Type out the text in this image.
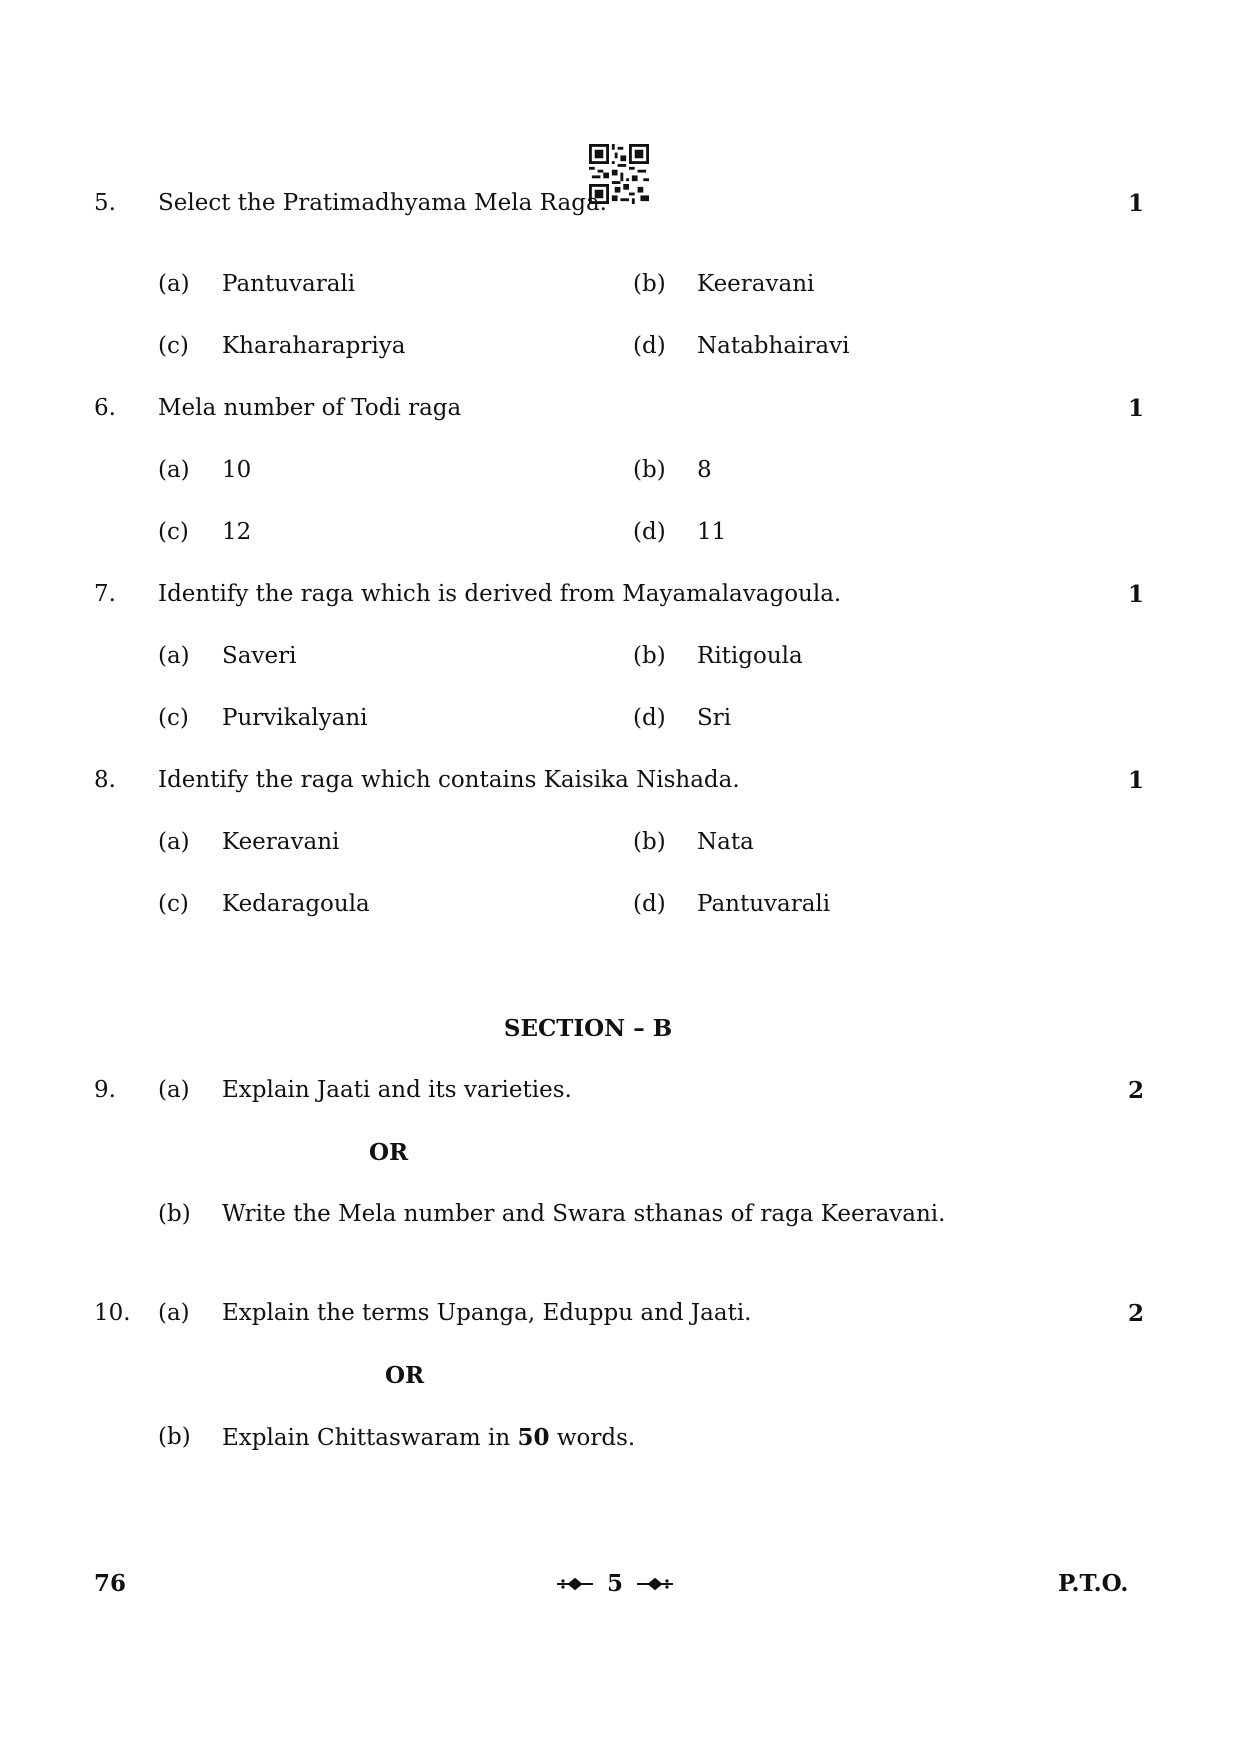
5. Select the Pratimadhyama Mela Raga.	1
(a) Pantuvarali	(b) Keeravani
(c) Kharaharapriya	(d) Natabhairavi
6. Mela number of Todi raga	1
(a) 10	(b) 8
(c) 12	(d) 11
7. Identify the raga which is derived from Mayamalavagoula.	1
(a) Saveri	(b) Ritigoula
(c) Purvikalyani	(d) Sri
8. Identify the raga which contains Kaisika Nishada.	1
(a) Keeravani	(b) Nata
(c) Kedaragoula	(d) Pantuvarali
SECTION – B
9. (a) Explain Jaati and its varieties.	2
OR
(b) Write the Mela number and Swara sthanas of raga Keeravani.
10. (a) Explain the terms Upanga, Eduppu and Jaati.	2
OR
(b) Explain Chittaswaram in 50 words.
76	5	P.T.O.
